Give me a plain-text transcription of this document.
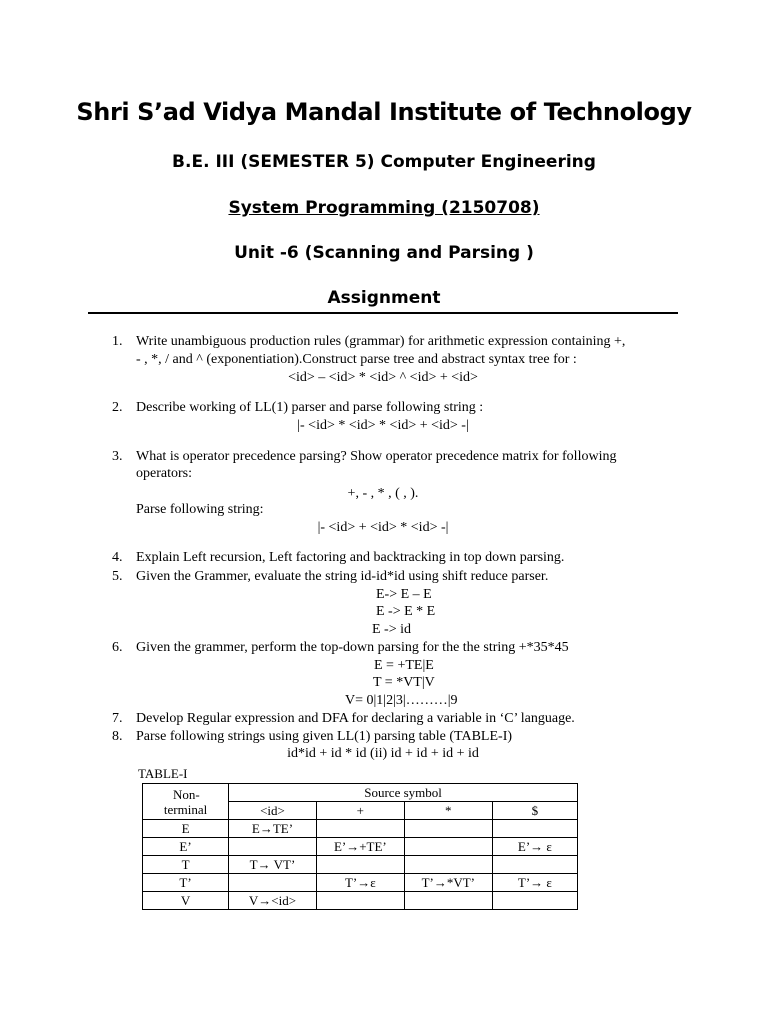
Shri S’ad Vidya Mandal Institute of Technology
B.E. III (SEMESTER 5) Computer Engineering
System Programming (2150708)
Unit -6 (Scanning and Parsing )
Assignment
1. Write unambiguous production rules (grammar) for arithmetic expression containing +,
- , *, / and ^ (exponentiation).Construct parse tree and abstract syntax tree for :
<id> – <id> * <id> ^ <id> + <id>
2. Describe working of LL(1) parser and parse following string :
|- <id> * <id> * <id> + <id> -|
3. What is operator precedence parsing? Show operator precedence matrix for following
operators:
+, - , * , ( , ).
Parse following string:
|- <id> + <id> * <id> -|
4. Explain Left recursion, Left factoring and backtracking in top down parsing.
5. Given the Grammer, evaluate the string id-id*id using shift reduce parser.
E-> E – E
E -> E * E
E -> id
6. Given the grammer, perform the top-down parsing for the the string +*35*45
E = +TE|E
T = *VT|V
V= 0|1|2|3|………|9
7. Develop Regular expression and DFA for declaring a variable in ‘C’ language.
8. Parse following strings using given LL(1) parsing table (TABLE-I)
id*id + id * id (ii) id + id + id + id
TABLE-I
Non-
terminal	Source symbol			
	<id>	+	*	$
E	E→TE’			
E’		E’→+TE’		E’→ ε
T	T→ VT’			
T’		T’→ε	T’→*VT’	T’→ ε
V	V→<id>			
